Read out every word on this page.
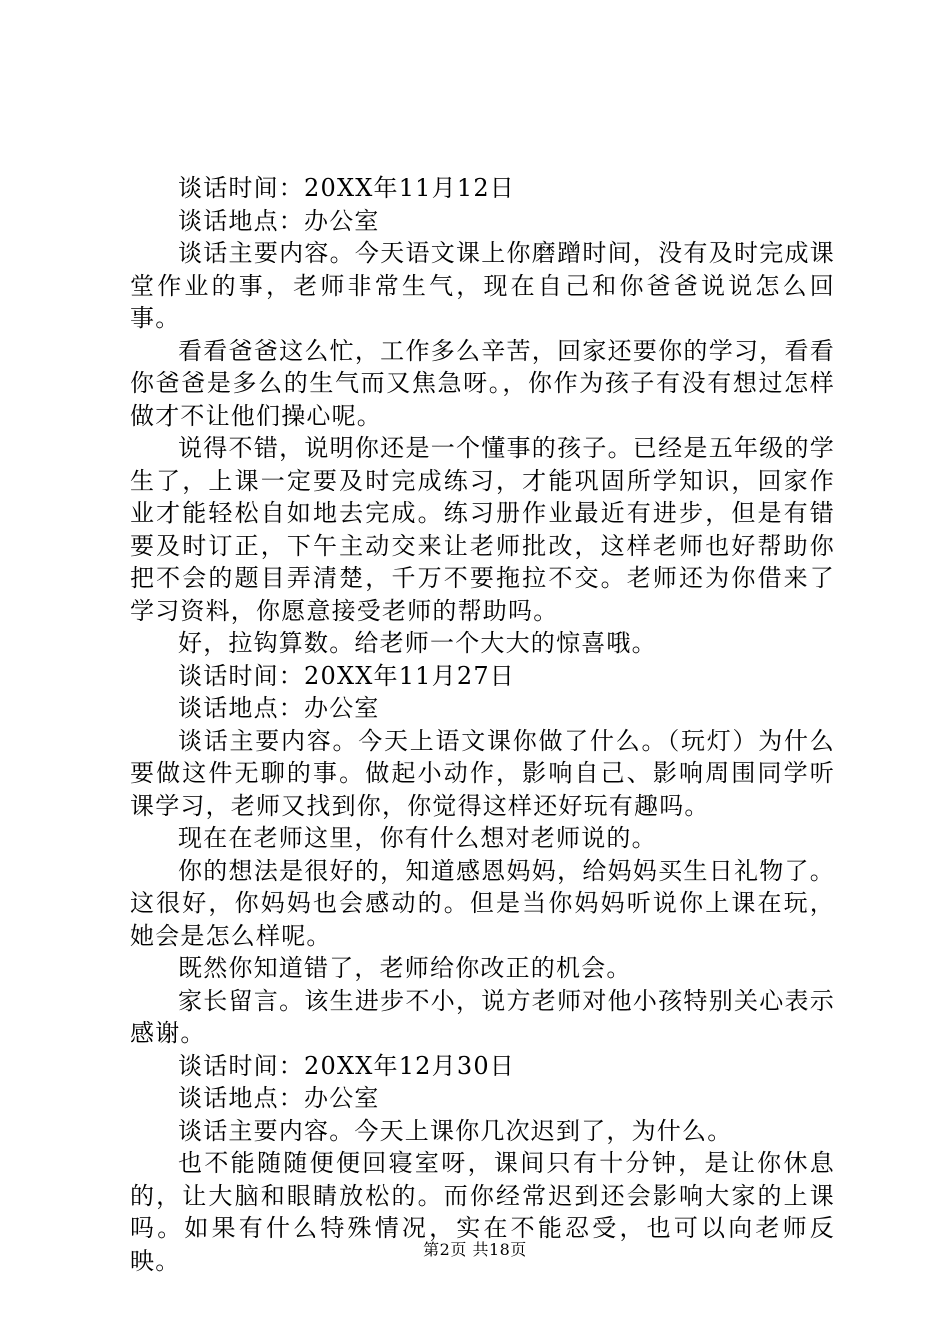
谈话时间：20XX年11月12日

谈话地点：办公室

谈话主要内容。今天语文课上你磨蹭时间，没有及时完成课堂作业的事，老师非常生气，现在自己和你爸爸说说怎么回事。

看看爸爸这么忙，工作多么辛苦，回家还要你的学习，看看你爸爸是多么的生气而又焦急呀。，你作为孩子有没有想过怎样做才不让他们操心呢。

说得不错，说明你还是一个懂事的孩子。已经是五年级的学生了，上课一定要及时完成练习，才能巩固所学知识，回家作业才能轻松自如地去完成。练习册作业最近有进步，但是有错要及时订正，下午主动交来让老师批改，这样老师也好帮助你把不会的题目弄清楚，千万不要拖拉不交。老师还为你借来了学习资料，你愿意接受老师的帮助吗。

好，拉钩算数。给老师一个大大的惊喜哦。

谈话时间：20XX年11月27日

谈话地点：办公室

谈话主要内容。今天上语文课你做了什么。（玩灯）为什么要做这件无聊的事。做起小动作，影响自己、影响周围同学听课学习，老师又找到你，你觉得这样还好玩有趣吗。

现在在老师这里，你有什么想对老师说的。

你的想法是很好的，知道感恩妈妈，给妈妈买生日礼物了。这很好，你妈妈也会感动的。但是当你妈妈听说你上课在玩，她会是怎么样呢。

既然你知道错了，老师给你改正的机会。

家长留言。该生进步不小，说方老师对他小孩特别关心表示感谢。

谈话时间：20XX年12月30日

谈话地点：办公室

谈话主要内容。今天上课你几次迟到了，为什么。

也不能随随便便回寝室呀，课间只有十分钟，是让你休息的，让大脑和眼睛放松的。而你经常迟到还会影响大家的上课吗。如果有什么特殊情况，实在不能忍受，也可以向老师反映。	第2页 共18页
